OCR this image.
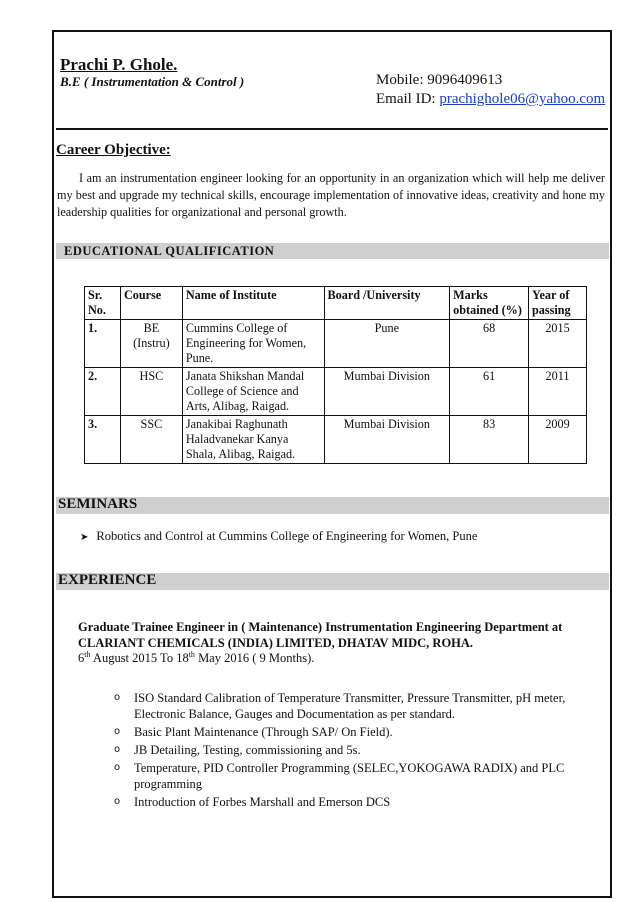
Prachi P. Ghole.
B.E ( Instrumentation & Control )	Mobile: 9096409613
Email ID: prachighole06@yahoo.com
Career Objective:
I am an instrumentation engineer looking for an opportunity in an organization which will help me deliver my best and upgrade my technical skills, encourage implementation of innovative ideas, creativity and hone my leadership qualities for organizational and personal growth.
EDUCATIONAL QUALIFICATION
Sr. No.	Course	Name of Institute	Board /University	Marks obtained (%)	Year of passing
1.	BE (Instru)	Cummins College of Engineering for Women, Pune.	Pune	68	2015
2.	HSC	Janata Shikshan Mandal College of Science and Arts, Alibag, Raigad.	Mumbai Division	61	2011
3.	SSC	Janakibai Raghunath Haladvanekar Kanya Shala, Alibag, Raigad.	Mumbai Division	83	2009
SEMINARS
➤ Robotics and Control at Cummins College of Engineering for Women, Pune
EXPERIENCE
Graduate Trainee Engineer in ( Maintenance) Instrumentation Engineering Department at CLARIANT CHEMICALS (INDIA) LIMITED, DHATAV MIDC, ROHA.
6th August 2015 To 18th May 2016 ( 9 Months).
o ISO Standard Calibration of Temperature Transmitter, Pressure Transmitter, pH meter, Electronic Balance, Gauges and Documentation as per standard.
o Basic Plant Maintenance (Through SAP/ On Field).
o JB Detailing, Testing, commissioning and 5s.
o Temperature, PID Controller Programming (SELEC,YOKOGAWA RADIX) and PLC programming
o Introduction of Forbes Marshall and Emerson DCS
